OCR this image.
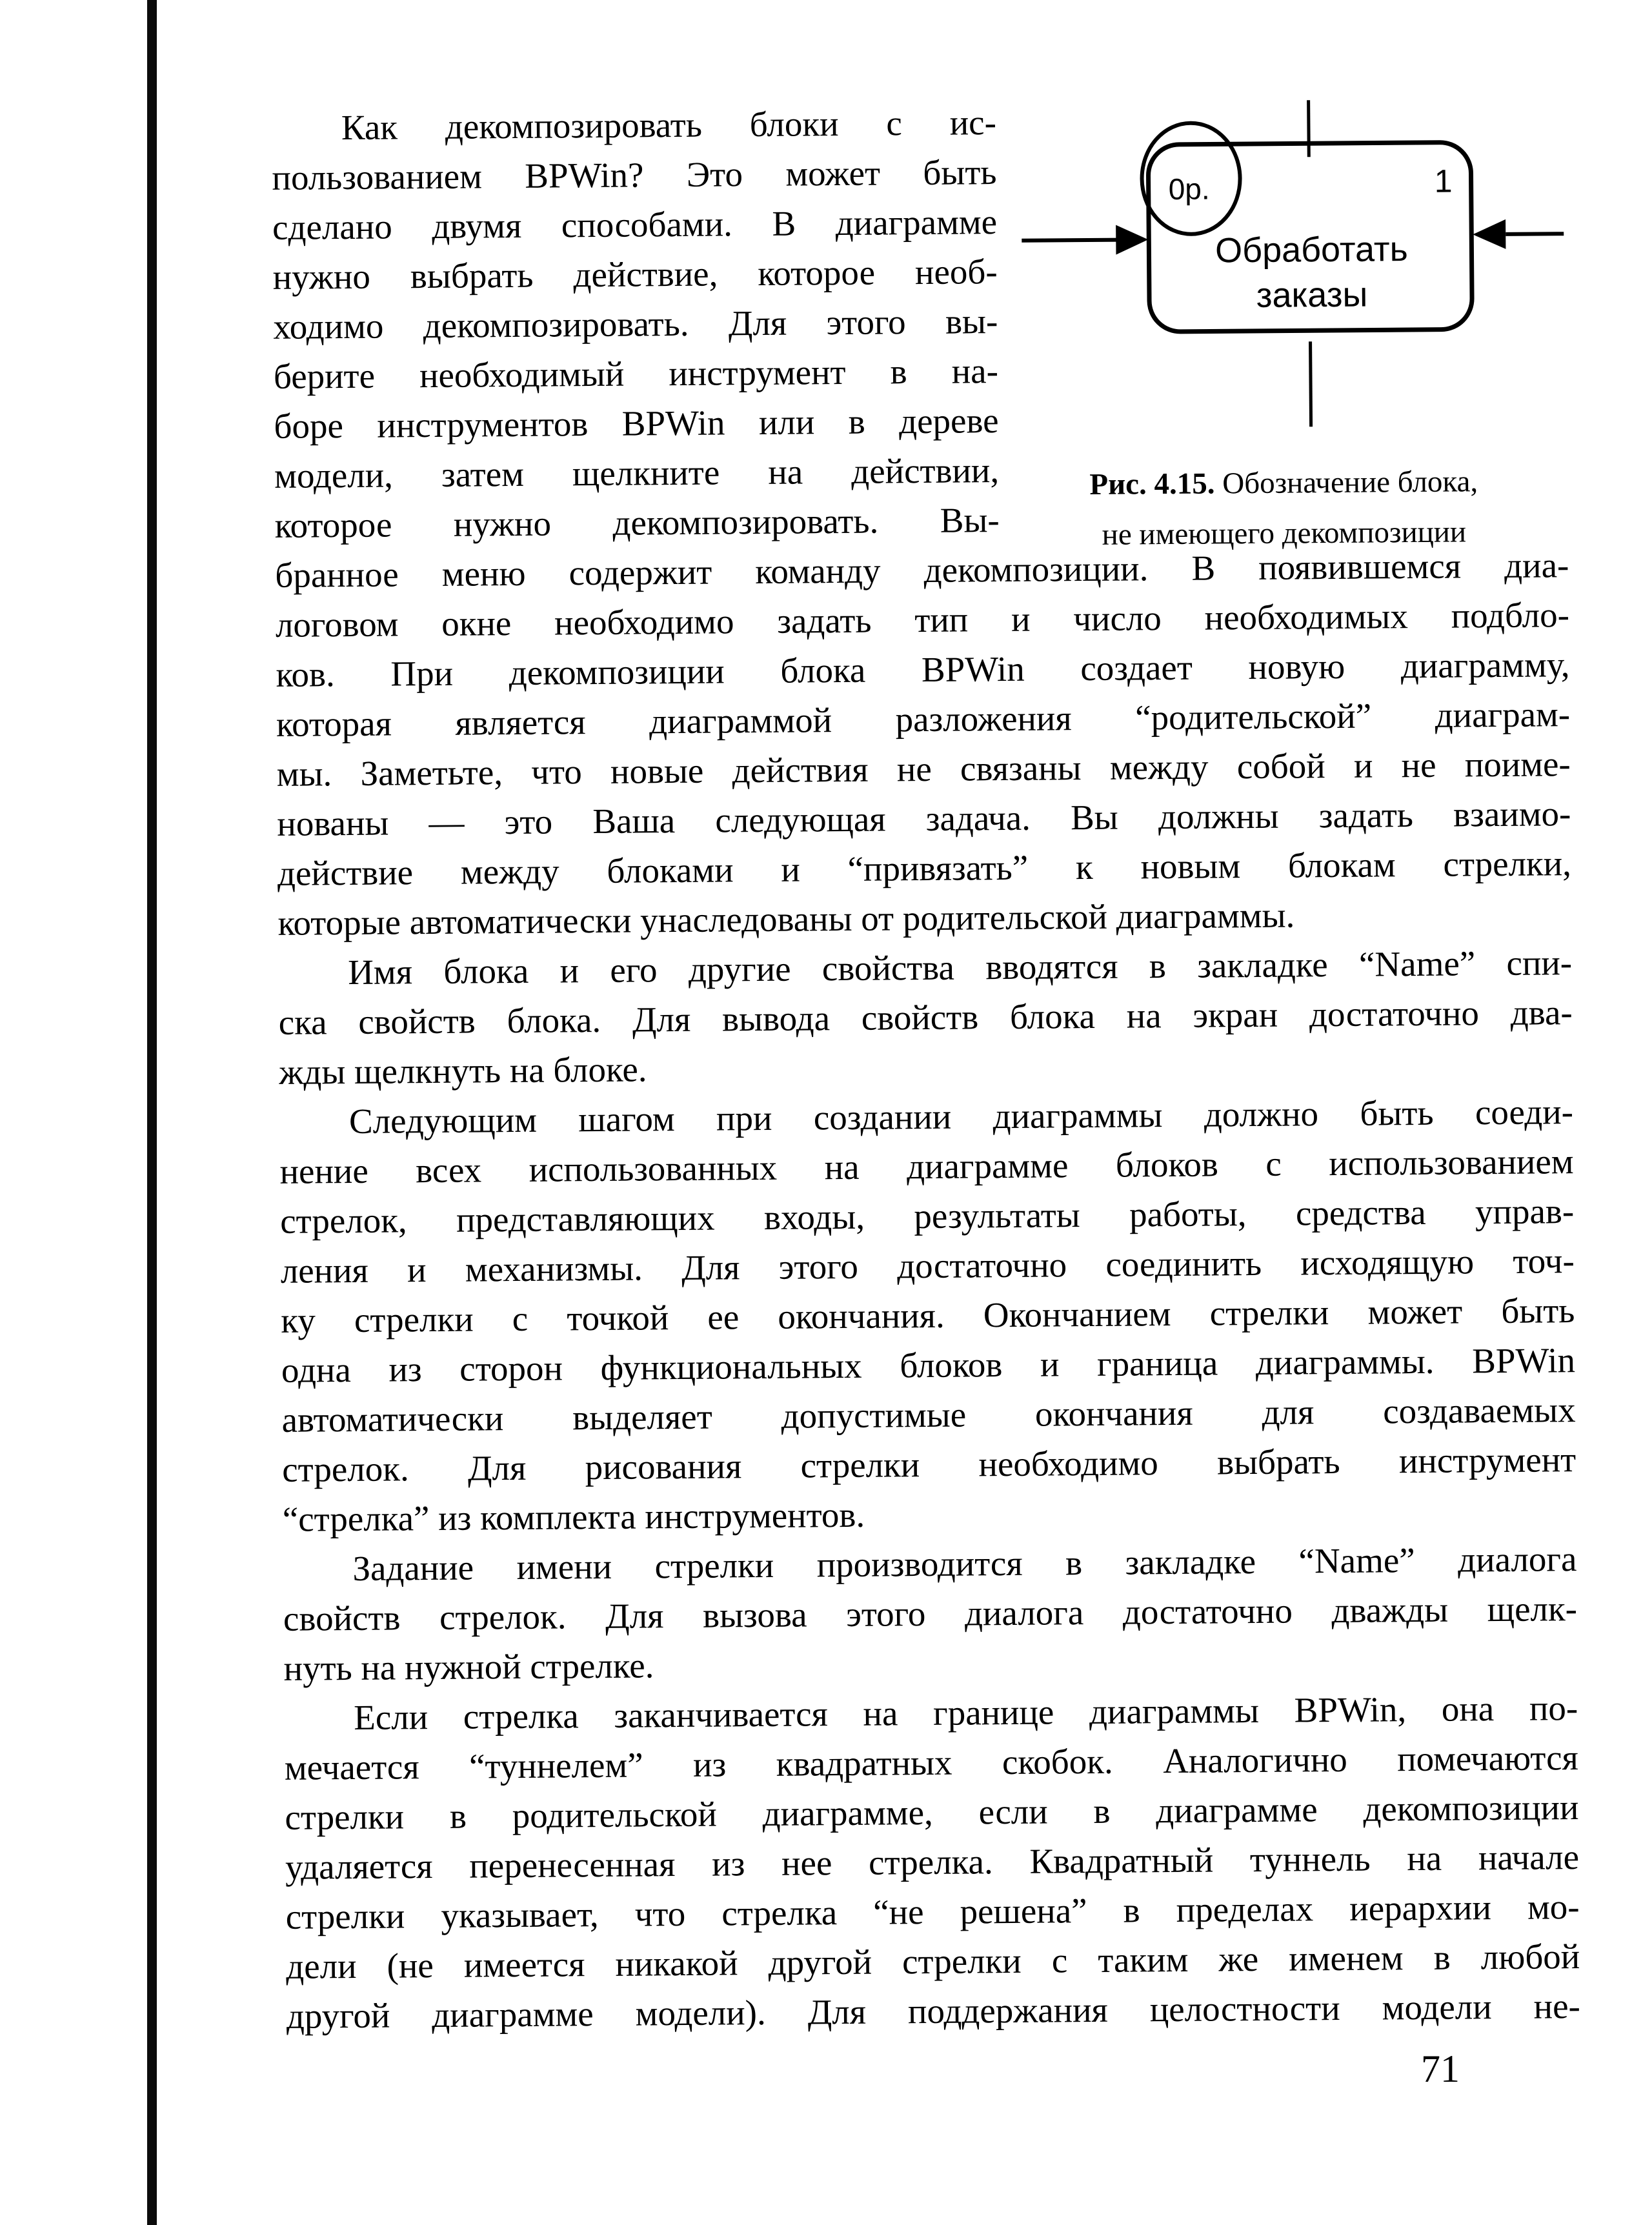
0р.	1
Обработать
заказы
Рис. 4.15. Обозначение блока,
не имеющего декомпозиции
Как декомпозировать блоки с ис-
пользованием BPWin? Это может быть
сделано двумя способами. В диаграмме
нужно выбрать действие, которое необ-
ходимо декомпозировать. Для этого вы-
берите необходимый инструмент в на-
боре инструментов BPWin или в дереве
модели, затем щелкните на действии,
которое нужно декомпозировать. Вы-
бранное меню содержит команду декомпозиции. В появившемся диа-
логовом окне необходимо задать тип и число необходимых подбло-
ков. При декомпозиции блока BPWin создает новую диаграмму,
которая является диаграммой разложения “родительской” диаграм-
мы. Заметьте, что новые действия не связаны между собой и не поиме-
нованы — это Ваша следующая задача. Вы должны задать взаимо-
действие между блоками и “привязать” к новым блокам стрелки,
которые автоматически унаследованы от родительской диаграммы.
Имя блока и его другие свойства вводятся в закладке “Name” спи-
ска свойств блока. Для вывода свойств блока на экран достаточно два-
жды щелкнуть на блоке.
Следующим шагом при создании диаграммы должно быть соеди-
нение всех использованных на диаграмме блоков с использованием
стрелок, представляющих входы, результаты работы, средства управ-
ления и механизмы. Для этого достаточно соединить исходящую точ-
ку стрелки с точкой ее окончания. Окончанием стрелки может быть
одна из сторон функциональных блоков и граница диаграммы. BPWin
автоматически выделяет допустимые окончания для создаваемых
стрелок. Для рисования стрелки необходимо выбрать инструмент
“стрелка” из комплекта инструментов.
Задание имени стрелки производится в закладке “Name” диалога
свойств стрелок. Для вызова этого диалога достаточно дважды щелк-
нуть на нужной стрелке.
Если стрелка заканчивается на границе диаграммы BPWin, она по-
мечается “туннелем” из квадратных скобок. Аналогично помечаются
стрелки в родительской диаграмме, если в диаграмме декомпозиции
удаляется перенесенная из нее стрелка. Квадратный туннель на начале
стрелки указывает, что стрелка “не решена” в пределах иерархии мо-
дели (не имеется никакой другой стрелки с таким же именем в любой
другой диаграмме модели). Для поддержания целостности модели не-
71
